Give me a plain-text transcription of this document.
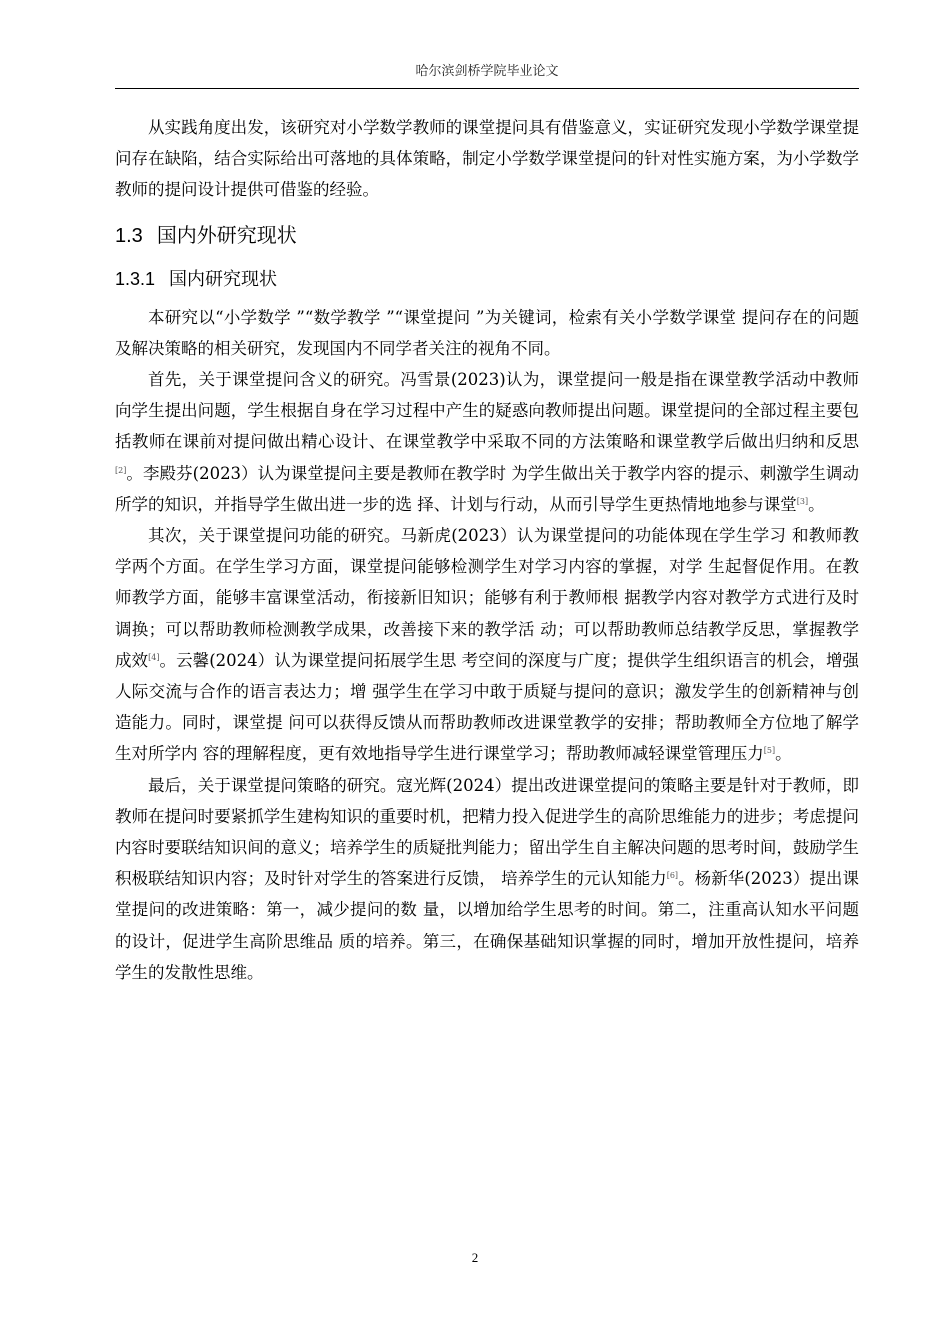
哈尔滨剑桥学院毕业论文

从实践角度出发，该研究对小学数学教师的课堂提问具有借鉴意义，实证研究发现小学数学课堂提问存在缺陷，结合实际给出可落地的具体策略，制定小学数学课堂提问的针对性实施方案，为小学数学教师的提问设计提供可借鉴的经验。

1.3 国内外研究现状
1.3.1 国内研究现状

本研究以“小学数学 ”“数学教学 ”“课堂提问 ”为关键词，检索有关小学数学课堂 提问存在的问题及解决策略的相关研究，发现国内不同学者关注的视角不同。

首先，关于课堂提问含义的研究。冯雪景(2023)认为，课堂提问一般是指在课堂教学活动中教师向学生提出问题，学生根据自身在学习过程中产生的疑惑向教师提出问题。课堂提问的全部过程主要包括教师在课前对提问做出精心设计、在课堂教学中采取不同的方法策略和课堂教学后做出归纳和反思[2]。李殿芬(2023）认为课堂提问主要是教师在教学时 为学生做出关于教学内容的提示、刺激学生调动所学的知识，并指导学生做出进一步的选 择、计划与行动，从而引导学生更热情地地参与课堂[3]。

其次，关于课堂提问功能的研究。马新虎(2023）认为课堂提问的功能体现在学生学习 和教师教学两个方面。在学生学习方面，课堂提问能够检测学生对学习内容的掌握，对学 生起督促作用。在教师教学方面，能够丰富课堂活动，衔接新旧知识；能够有利于教师根 据教学内容对教学方式进行及时调换；可以帮助教师检测教学成果，改善接下来的教学活 动；可以帮助教师总结教学反思，掌握教学成效[4]。云馨(2024）认为课堂提问拓展学生思 考空间的深度与广度；提供学生组织语言的机会，增强人际交流与合作的语言表达力；增 强学生在学习中敢于质疑与提问的意识；激发学生的创新精神与创造能力。同时，课堂提 问可以获得反馈从而帮助教师改进课堂教学的安排；帮助教师全方位地了解学生对所学内 容的理解程度，更有效地指导学生进行课堂学习；帮助教师减轻课堂管理压力[5]。

最后，关于课堂提问策略的研究。寇光辉(2024）提出改进课堂提问的策略主要是针对于教师，即教师在提问时要紧抓学生建构知识的重要时机，把精力投入促进学生的高阶思维能力的进步；考虑提问内容时要联结知识间的意义；培养学生的质疑批判能力；留出学生自主解决问题的思考时间，鼓励学生积极联结知识内容；及时针对学生的答案进行反馈， 培养学生的元认知能力[6]。杨新华(2023）提出课堂提问的改进策略：第一，减少提问的数 量，以增加给学生思考的时间。第二，注重高认知水平问题的设计，促进学生高阶思维品 质的培养。第三，在确保基础知识掌握的同时，增加开放性提问，培养学生的发散性思维。

2
